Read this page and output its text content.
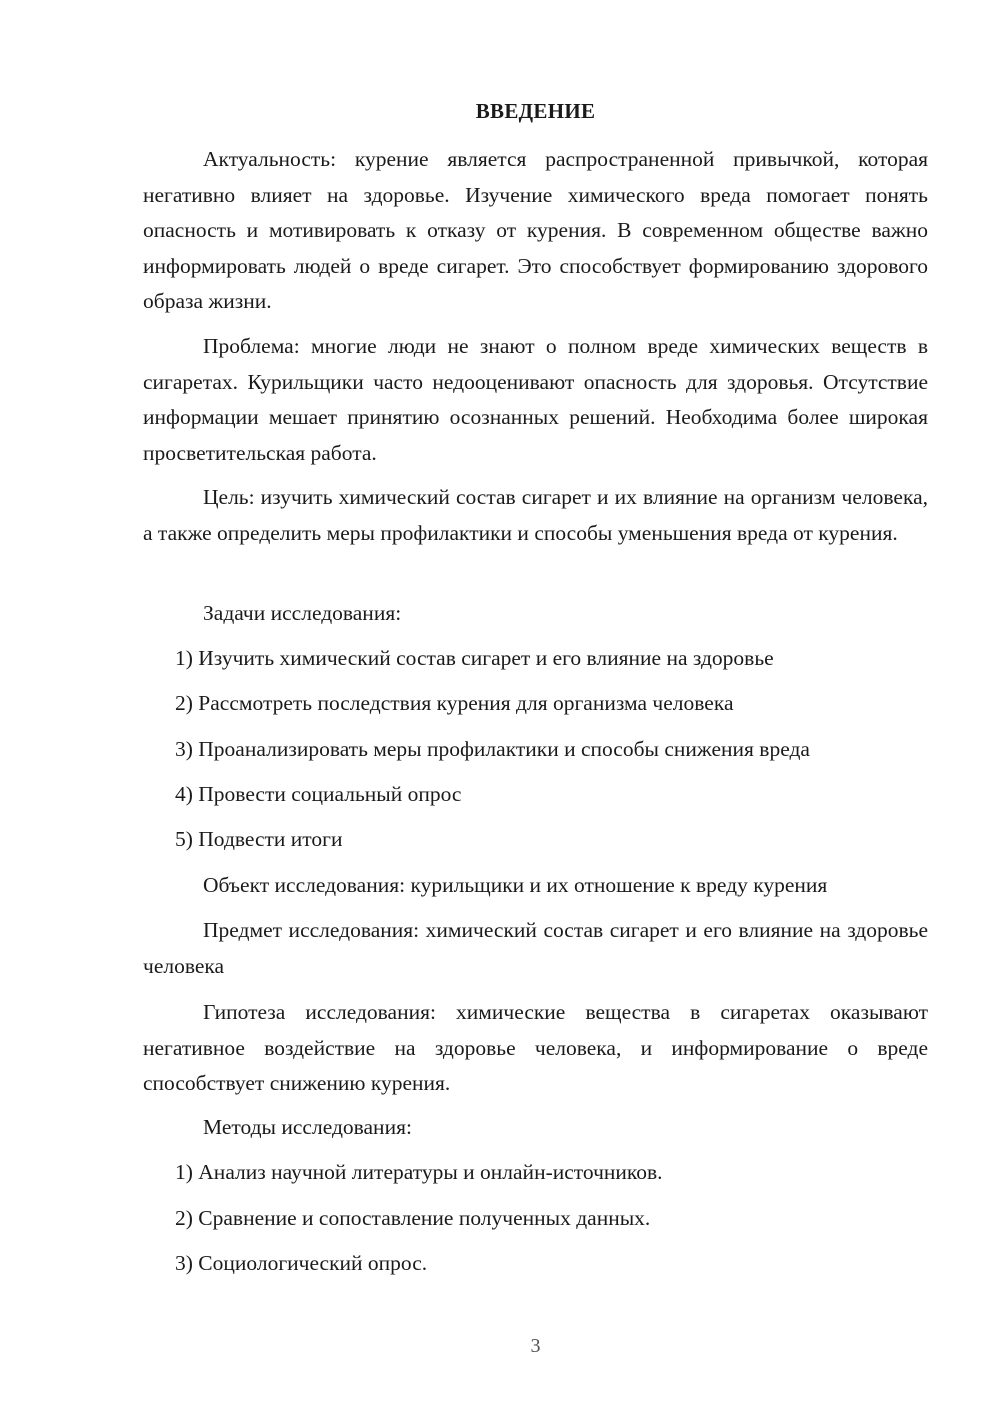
ВВЕДЕНИЕ

Актуальность: курение является распространенной привычкой, которая негативно влияет на здоровье. Изучение химического вреда помогает понять опасность и мотивировать к отказу от курения. В современном обществе важно информировать людей о вреде сигарет. Это способствует формированию здорового образа жизни.

Проблема: многие люди не знают о полном вреде химических веществ в сигаретах. Курильщики часто недооценивают опасность для здоровья. Отсутствие информации мешает принятию осознанных решений. Необходима более широкая просветительская работа.

Цель: изучить химический состав сигарет и их влияние на организм человека, а также определить меры профилактики и способы уменьшения вреда от курения.

Задачи исследования:

1) Изучить химический состав сигарет и его влияние на здоровье

2) Рассмотреть последствия курения для организма человека

3) Проанализировать меры профилактики и способы снижения вреда

4) Провести социальный опрос

5) Подвести итоги

Объект исследования: курильщики и их отношение к вреду курения

Предмет исследования: химический состав сигарет и его влияние на здоровье человека

Гипотеза исследования: химические вещества в сигаретах оказывают негативное воздействие на здоровье человека, и информирование о вреде способствует снижению курения.

Методы исследования:

1) Анализ научной литературы и онлайн-источников.

2) Сравнение и сопоставление полученных данных.

3) Социологический опрос.

3
